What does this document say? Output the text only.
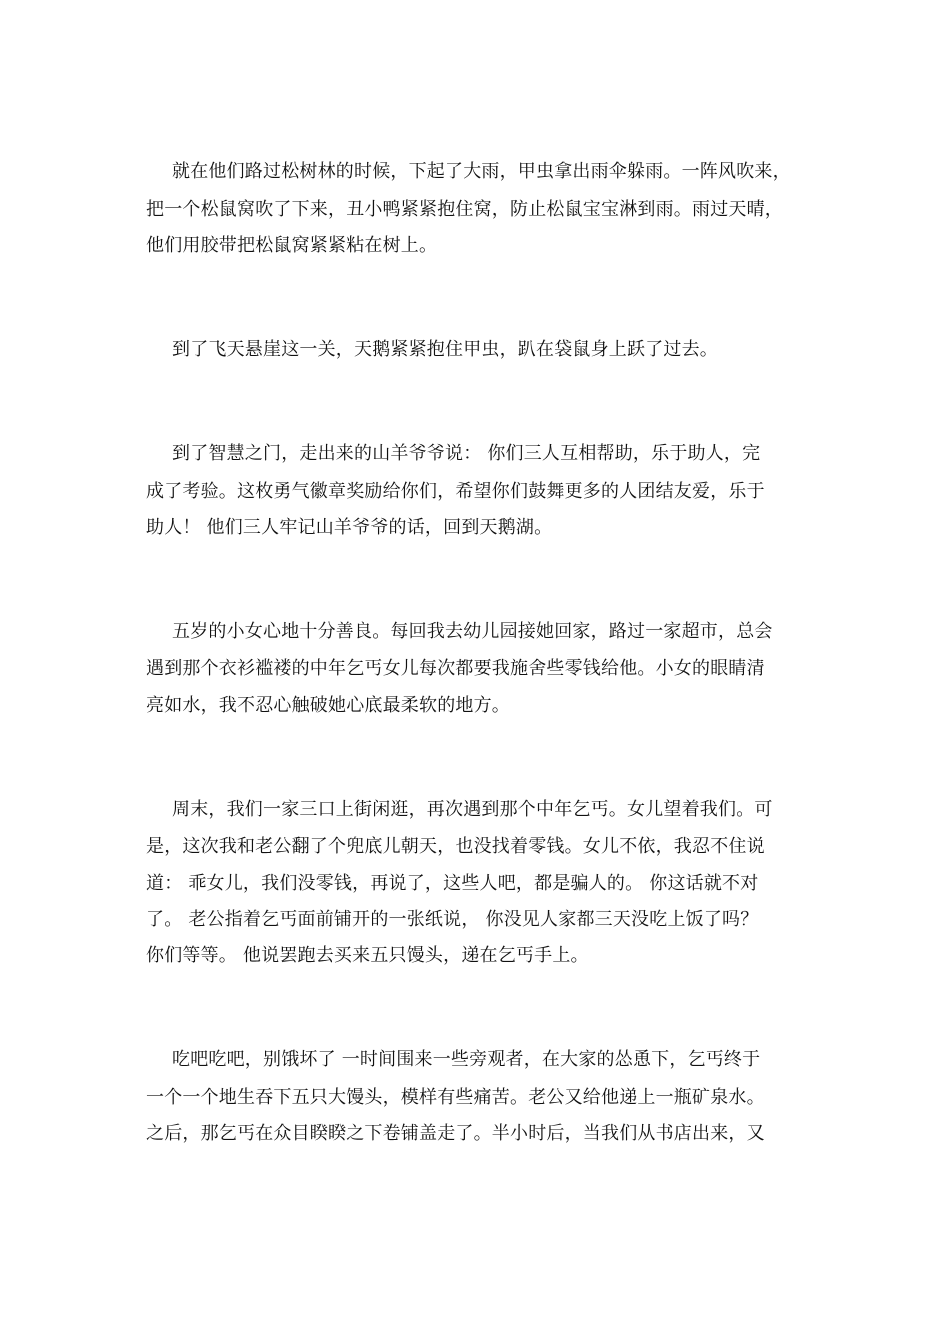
就在他们路过松树林的时候，下起了大雨，甲虫拿出雨伞躲雨。一阵风吹来，
把一个松鼠窝吹了下来，丑小鸭紧紧抱住窝，防止松鼠宝宝淋到雨。雨过天晴，
他们用胶带把松鼠窝紧紧粘在树上。
到了飞天悬崖这一关，天鹅紧紧抱住甲虫，趴在袋鼠身上跃了过去。
到了智慧之门，走出来的山羊爷爷说： 你们三人互相帮助，乐于助人，完
成了考验。这枚勇气徽章奖励给你们，希望你们鼓舞更多的人团结友爱，乐于
助人！ 他们三人牢记山羊爷爷的话，回到天鹅湖。
五岁的小女心地十分善良。每回我去幼儿园接她回家，路过一家超市，总会
遇到那个衣衫褴褛的中年乞丐女儿每次都要我施舍些零钱给他。小女的眼睛清
亮如水，我不忍心触破她心底最柔软的地方。
周末，我们一家三口上街闲逛，再次遇到那个中年乞丐。女儿望着我们。可
是，这次我和老公翻了个兜底儿朝天，也没找着零钱。女儿不依，我忍不住说
道： 乖女儿，我们没零钱，再说了，这些人吧，都是骗人的。 你这话就不对
了。 老公指着乞丐面前铺开的一张纸说， 你没见人家都三天没吃上饭了吗？
你们等等。 他说罢跑去买来五只馒头，递在乞丐手上。
吃吧吃吧，别饿坏了 一时间围来一些旁观者，在大家的怂恿下，乞丐终于
一个一个地生吞下五只大馒头，模样有些痛苦。老公又给他递上一瓶矿泉水。
之后，那乞丐在众目睽睽之下卷铺盖走了。半小时后，当我们从书店出来，又
